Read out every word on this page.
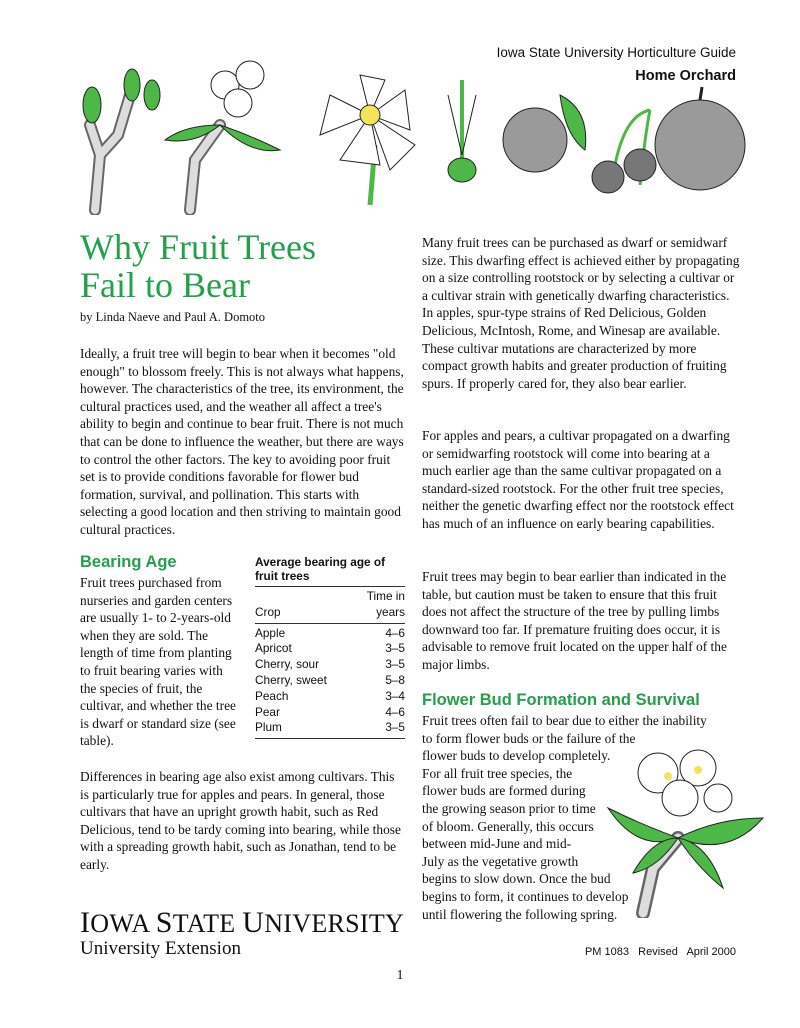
Iowa State University Horticulture Guide
Home Orchard
Why Fruit Trees
Fail to Bear
by Linda Naeve and Paul A. Domoto

Ideally, a fruit tree will begin to bear when it becomes "old enough" to blossom freely. This is not always what happens, however. The characteristics of the tree, its environment, the cultural practices used, and the weather all affect a tree's ability to begin and continue to bear fruit. There is not much that can be done to influence the weather, but there are ways to control the other factors. The key to avoiding poor fruit set is to provide conditions favorable for flower bud formation, survival, and pollination. This starts with selecting a good location and then striving to maintain good cultural practices.

Bearing Age

Fruit trees purchased from nurseries and garden centers are usually 1- to 2-years-old when they are sold. The length of time from planting to fruit bearing varies with the species of fruit, the cultivar, and whether the tree is dwarf or standard size (see table).

Average bearing age of fruit trees
Crop
Time in years
Apple	4–6
Apricot	3–5
Cherry, sour	3–5
Cherry, sweet	5–8
Peach	3–4
Pear	4–6
Plum	3–5

Differences in bearing age also exist among cultivars. This is particularly true for apples and pears. In general, those cultivars that have an upright growth habit, such as Red Delicious, tend to be tardy coming into bearing, while those with a spreading growth habit, such as Jonathan, tend to be early.

Many fruit trees can be purchased as dwarf or semidwarf size. This dwarfing effect is achieved either by propagating on a size controlling rootstock or by selecting a cultivar or a cultivar strain with genetically dwarfing characteristics. In apples, spur-type strains of Red Delicious, Golden Delicious, McIntosh, Rome, and Winesap are available. These cultivar mutations are characterized by more compact growth habits and greater production of fruiting spurs. If properly cared for, they also bear earlier.

For apples and pears, a cultivar propagated on a dwarfing or semidwarfing rootstock will come into bearing at a much earlier age than the same cultivar propagated on a standard-sized rootstock. For the other fruit tree species, neither the genetic dwarfing effect nor the rootstock effect has much of an influence on early bearing capabilities.

Fruit trees may begin to bear earlier than indicated in the table, but caution must be taken to ensure that this fruit does not affect the structure of the tree by pulling limbs downward too far. If premature fruiting does occur, it is advisable to remove fruit located on the upper half of the major limbs.

Flower Bud Formation and Survival

Fruit trees often fail to bear due to either the inability
to form flower buds or the failure of the
flower buds to develop completely.
For all fruit tree species, the
flower buds are formed during
the growing season prior to time
of bloom. Generally, this occurs
between mid-June and mid-
July as the vegetative growth
begins to slow down. Once the bud
begins to form, it continues to develop
until flowering the following spring.

IOWA STATE UNIVERSITY
University Extension	PM 1083   Revised   April 2000
1
